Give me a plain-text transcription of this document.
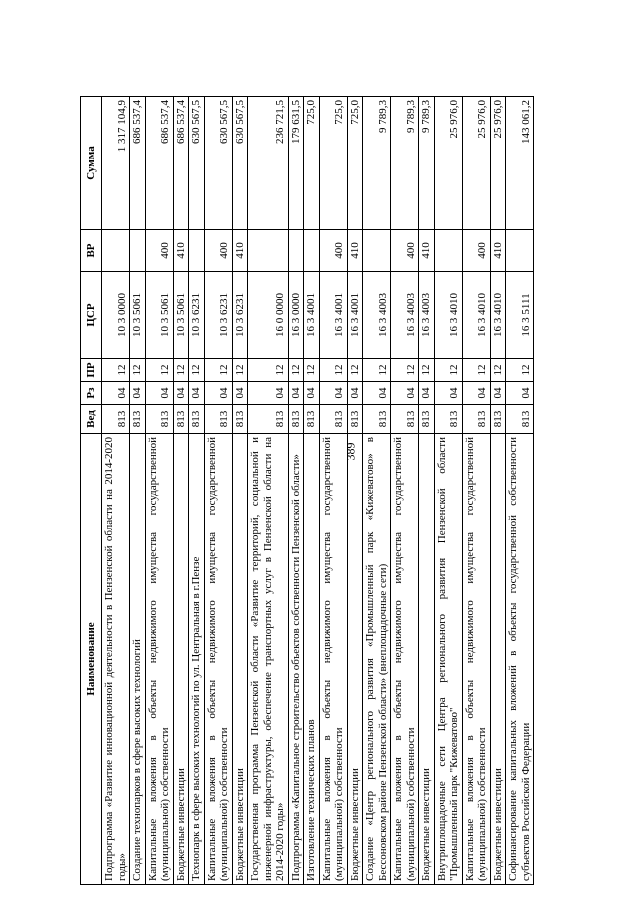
389
Наименование	Вед	Рз	ПР	ЦСР	ВР	Сумма
Подпрограмма «Развитие инновационной деятельности в Пензенской области на 2014-2020 годы»	813	04	12	10 3 0000		1 317 104,9
Создание технопарков в сфере высоких технологий	813	04	12	10 3 5061		686 537,4
Капитальные вложения в объекты недвижимого имущества государственной (муниципальной) собственности	813	04	12	10 3 5061	400	686 537,4
Бюджетные инвестиции	813	04	12	10 3 5061	410	686 537,4
Технопарк в сфере высоких технологий по ул. Центральная в г.Пензе	813	04	12	10 3 6231		630 567,5
Капитальные вложения в объекты недвижимого имущества государственной (муниципальной) собственности	813	04	12	10 3 6231	400	630 567,5
Бюджетные инвестиции	813	04	12	10 3 6231	410	630 567,5
Государственная программа Пензенской области «Развитие территорий, социальной и инженерной инфраструктуры, обеспечение транспортных услуг в Пензенской области на 2014-2020 годы»	813	04	12	16 0 0000		236 721,5
Подпрограмма «Капитальное строительство объектов собственности Пензенской области»	813	04	12	16 3 0000		179 631,5
Изготовление технических планов	813	04	12	16 3 4001		725,0
Капитальные вложения в объекты недвижимого имущества государственной (муниципальной) собственности	813	04	12	16 3 4001	400	725,0
Бюджетные инвестиции	813	04	12	16 3 4001	410	725,0
Создание «Центр регионального развития «Промышленный парк «Кижеватово» в Бессоновском районе Пензенской области» (внеплощадочные сети)	813	04	12	16 3 4003		9 789,3
Капитальные вложения в объекты недвижимого имущества государственной (муниципальной) собственности	813	04	12	16 3 4003	400	9 789,3
Бюджетные инвестиции	813	04	12	16 3 4003	410	9 789,3
Внутриплощадочные сети Центра регионального развития Пензенской области "Промышленный парк "Кижеватово"	813	04	12	16 3 4010		25 976,0
Капитальные вложения в объекты недвижимого имущества государственной (муниципальной) собственности	813	04	12	16 3 4010	400	25 976,0
Бюджетные инвестиции	813	04	12	16 3 4010	410	25 976,0
Софинансирование капитальных вложений в объекты государственной собственности субъектов Российской Федерации	813	04	12	16 3 5111		143 061,2
